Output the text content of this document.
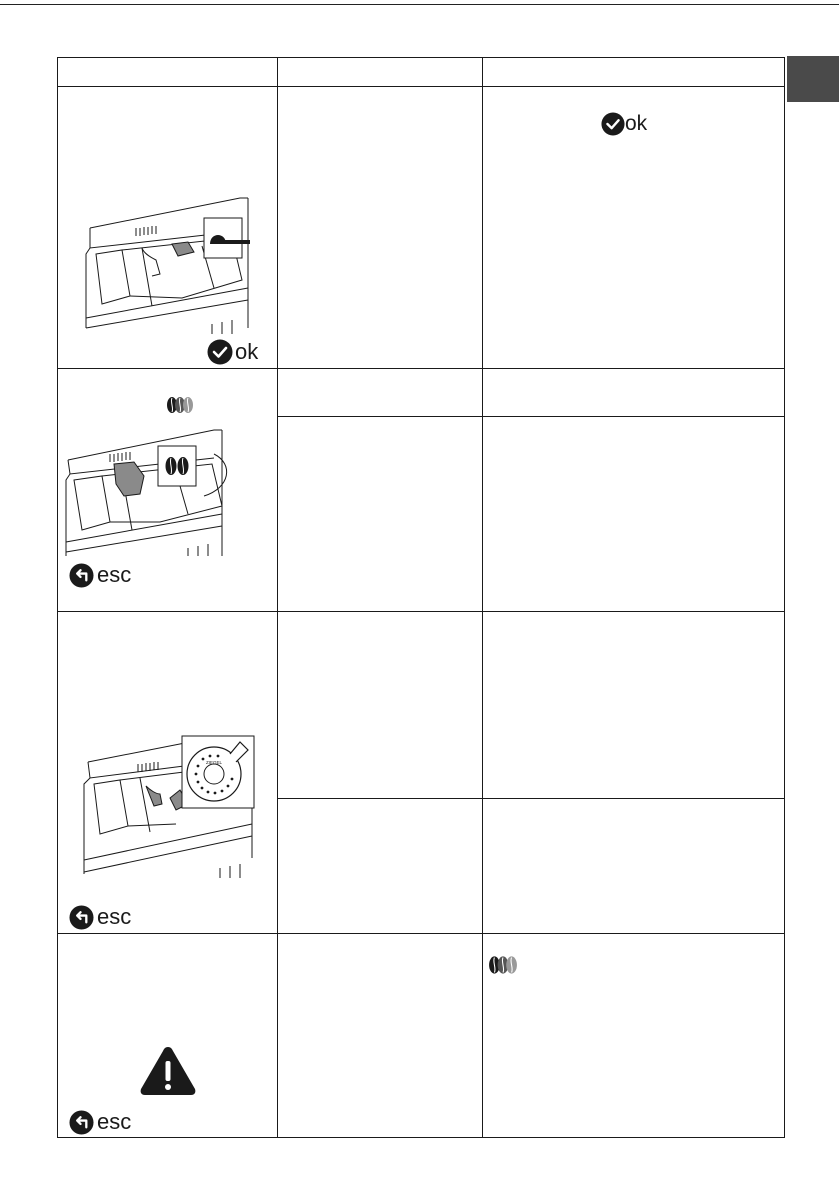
ok
ok
esc
ZIEGEL
esc
esc
